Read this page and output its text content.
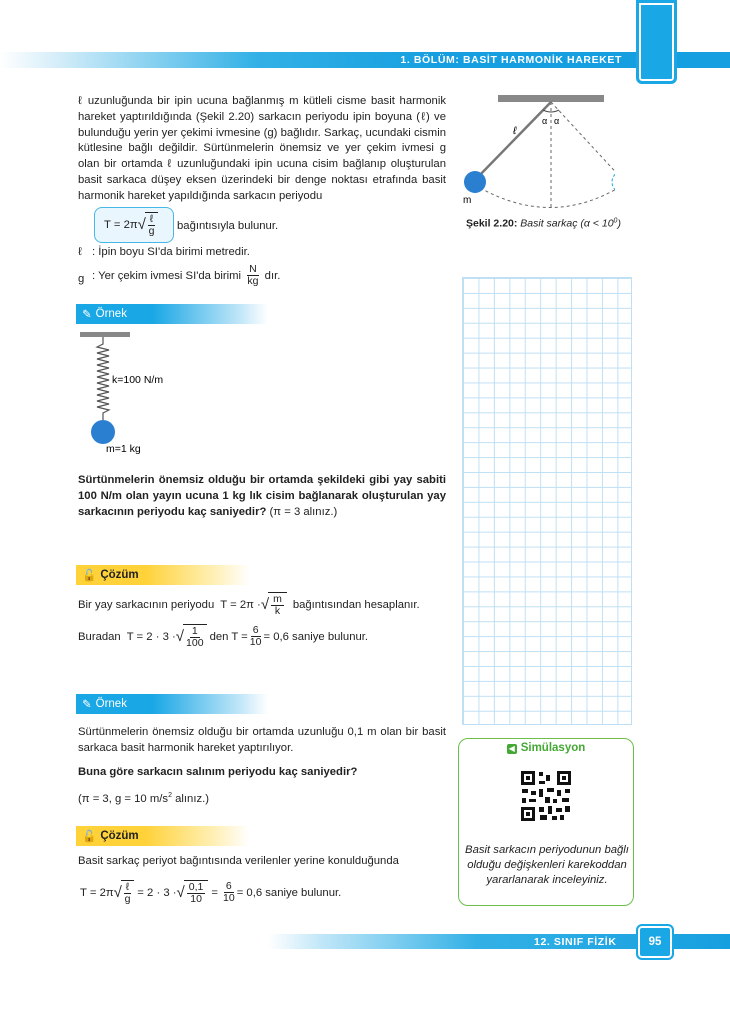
1. BÖLÜM: BASİT HARMONİK HAREKET
ℓ uzunluğunda bir ipin ucuna bağlanmış m kütleli cisme basit harmonik hareket yaptırıldığında (Şekil 2.20) sarkacın periyodu ipin boyuna (ℓ) ve bulunduğu yerin yer çekimi ivmesine (g) bağlıdır. Sarkaç, ucundaki cismin kütlesine bağlı değildir. Sürtünmelerin önemsiz ve yer çekim ivmesi g olan bir ortamda ℓ uzunluğundaki ipin ucuna cisim bağlanıp oluşturulan basit sarkaca düşey eksen üzerindeki bir denge noktası etrafında basit harmonik hareket yapıldığında sarkacın periyodu
T = 2π √ $\frac{\text{ℓ}}{g}$ bağıntısıyla bulunur.
ℓ : İpin boyu SI'da birimi metredir.
g : Yer çekim ivmesi SI'da birimi $\frac{N}{kg}$ dır.
ℓ
α α
m
Şekil 2.20: Basit sarkaç $(\alpha < 10^0)$
✎ Örnek
k=100 N/m
m=1 kg
Sürtünmelerin önemsiz olduğu bir ortamda şekildeki gibi yay sabiti 100 N/m olan yayın ucuna 1 kg lık cisim bağlanarak oluşturulan yay sarkacının periyodu kaç saniyedir? (π = 3 alınız.)
🔓 Çözüm
Bir yay sarkacının periyodu T = 2π · √ $\frac{m}{k}$ bağıntısından hesaplanır.
Buradan T = 2 · 3 · √ $\frac{1}{100}$ den $T = \frac{6}{10} = 0,6$ saniye bulunur.
✎ Örnek
Sürtünmelerin önemsiz olduğu bir ortamda uzunluğu 0,1 m olan bir basit sarkaca basit harmonik hareket yaptırılıyor.
Buna göre sarkacın salınım periyodu kaç saniyedir?
(π = 3, g = 10 $m/s^2$ alınız.)
🔓 Çözüm
Basit sarkaç periyot bağıntısında verilenler yerine konulduğunda
T = 2π √ $\frac{\text{ℓ}}{g} = 2 \cdot 3$ · √ $\frac{0,1}{10} = \frac{6}{10} = 0,6$ saniye bulunur.
◀ Simülasyon
Basit sarkacın periyodunun bağlı olduğu değişkenleri karekoddan yararlanarak inceleyiniz.
12. SINIF FİZİK	95
